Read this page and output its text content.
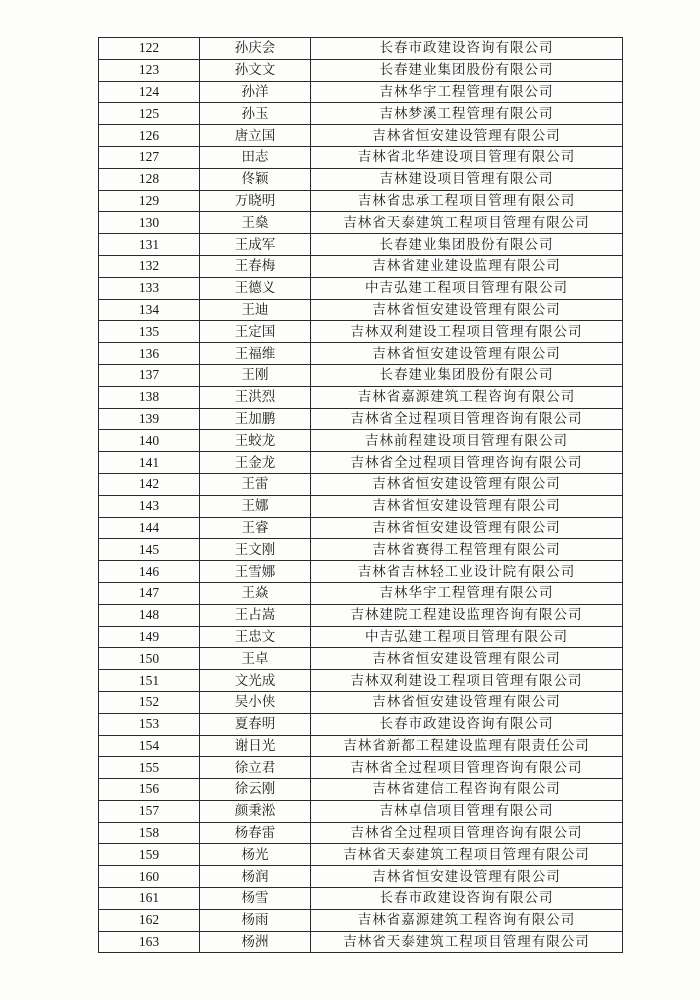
122	孙庆会	长春市政建设咨询有限公司
123	孙文文	长春建业集团股份有限公司
124	孙洋	吉林华宇工程管理有限公司
125	孙玉	吉林梦溪工程管理有限公司
126	唐立国	吉林省恒安建设管理有限公司
127	田志	吉林省北华建设项目管理有限公司
128	佟颖	吉林建设项目管理有限公司
129	万晓明	吉林省忠承工程项目管理有限公司
130	王燊	吉林省天泰建筑工程项目管理有限公司
131	王成军	长春建业集团股份有限公司
132	王春梅	吉林省建业建设监理有限公司
133	王德义	中吉弘建工程项目管理有限公司
134	王迪	吉林省恒安建设管理有限公司
135	王定国	吉林双利建设工程项目管理有限公司
136	王福维	吉林省恒安建设管理有限公司
137	王刚	长春建业集团股份有限公司
138	王洪烈	吉林省嘉源建筑工程咨询有限公司
139	王加鹏	吉林省全过程项目管理咨询有限公司
140	王蛟龙	吉林前程建设项目管理有限公司
141	王金龙	吉林省全过程项目管理咨询有限公司
142	王雷	吉林省恒安建设管理有限公司
143	王娜	吉林省恒安建设管理有限公司
144	王睿	吉林省恒安建设管理有限公司
145	王文刚	吉林省赛得工程管理有限公司
146	王雪娜	吉林省吉林轻工业设计院有限公司
147	王焱	吉林华宇工程管理有限公司
148	王占嵩	吉林建院工程建设监理咨询有限公司
149	王忠文	中吉弘建工程项目管理有限公司
150	王卓	吉林省恒安建设管理有限公司
151	文光成	吉林双利建设工程项目管理有限公司
152	吴小侠	吉林省恒安建设管理有限公司
153	夏春明	长春市政建设咨询有限公司
154	谢日光	吉林省新都工程建设监理有限责任公司
155	徐立君	吉林省全过程项目管理咨询有限公司
156	徐云刚	吉林省建信工程咨询有限公司
157	颜秉淞	吉林卓信项目管理有限公司
158	杨春雷	吉林省全过程项目管理咨询有限公司
159	杨光	吉林省天泰建筑工程项目管理有限公司
160	杨润	吉林省恒安建设管理有限公司
161	杨雪	长春市政建设咨询有限公司
162	杨雨	吉林省嘉源建筑工程咨询有限公司
163	杨洲	吉林省天泰建筑工程项目管理有限公司
